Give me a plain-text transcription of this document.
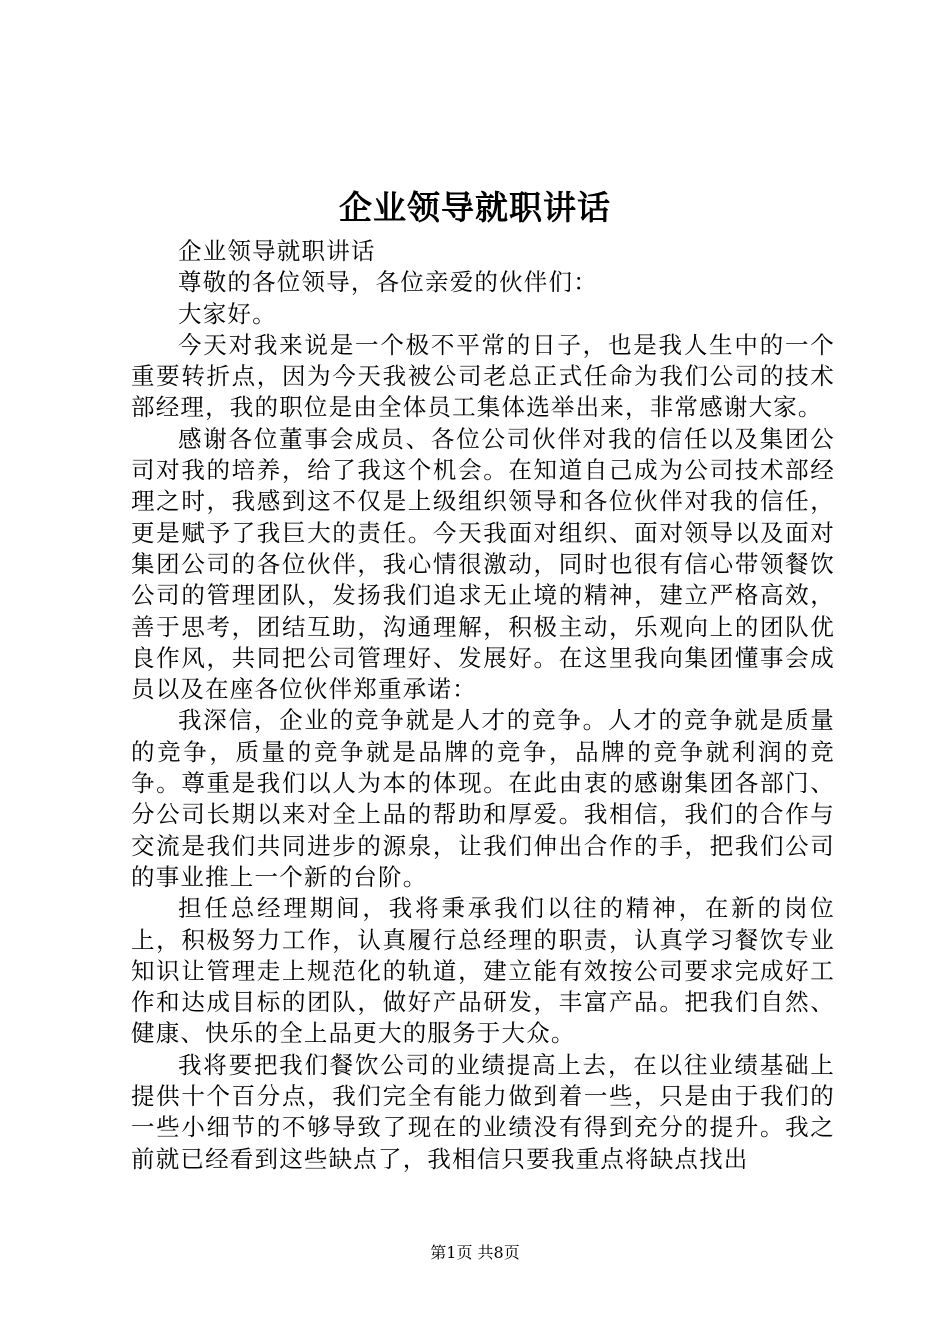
企业领导就职讲话

企业领导就职讲话

尊敬的各位领导，各位亲爱的伙伴们：

大家好。

今天对我来说是一个极不平常的日子，也是我人生中的一个重要转折点，因为今天我被公司老总正式任命为我们公司的技术部经理，我的职位是由全体员工集体选举出来，非常感谢大家。

感谢各位董事会成员、各位公司伙伴对我的信任以及集团公司对我的培养，给了我这个机会。在知道自己成为公司技术部经理之时，我感到这不仅是上级组织领导和各位伙伴对我的信任，更是赋予了我巨大的责任。今天我面对组织、面对领导以及面对集团公司的各位伙伴，我心情很激动，同时也很有信心带领餐饮公司的管理团队，发扬我们追求无止境的精神，建立严格高效，善于思考，团结互助，沟通理解，积极主动，乐观向上的团队优良作风，共同把公司管理好、发展好。在这里我向集团懂事会成员以及在座各位伙伴郑重承诺：

我深信，企业的竞争就是人才的竞争。人才的竞争就是质量的竞争，质量的竞争就是品牌的竞争，品牌的竞争就利润的竞争。尊重是我们以人为本的体现。在此由衷的感谢集团各部门、分公司长期以来对全上品的帮助和厚爱。我相信，我们的合作与交流是我们共同进步的源泉，让我们伸出合作的手，把我们公司的事业推上一个新的台阶。

担任总经理期间，我将秉承我们以往的精神，在新的岗位上，积极努力工作，认真履行总经理的职责，认真学习餐饮专业知识让管理走上规范化的轨道，建立能有效按公司要求完成好工作和达成目标的团队，做好产品研发，丰富产品。把我们自然、健康、快乐的全上品更大的服务于大众。

我将要把我们餐饮公司的业绩提高上去，在以往业绩基础上提供十个百分点，我们完全有能力做到着一些，只是由于我们的一些小细节的不够导致了现在的业绩没有得到充分的提升。我之前就已经看到这些缺点了，我相信只要我重点将缺点找出

第1页 共8页
